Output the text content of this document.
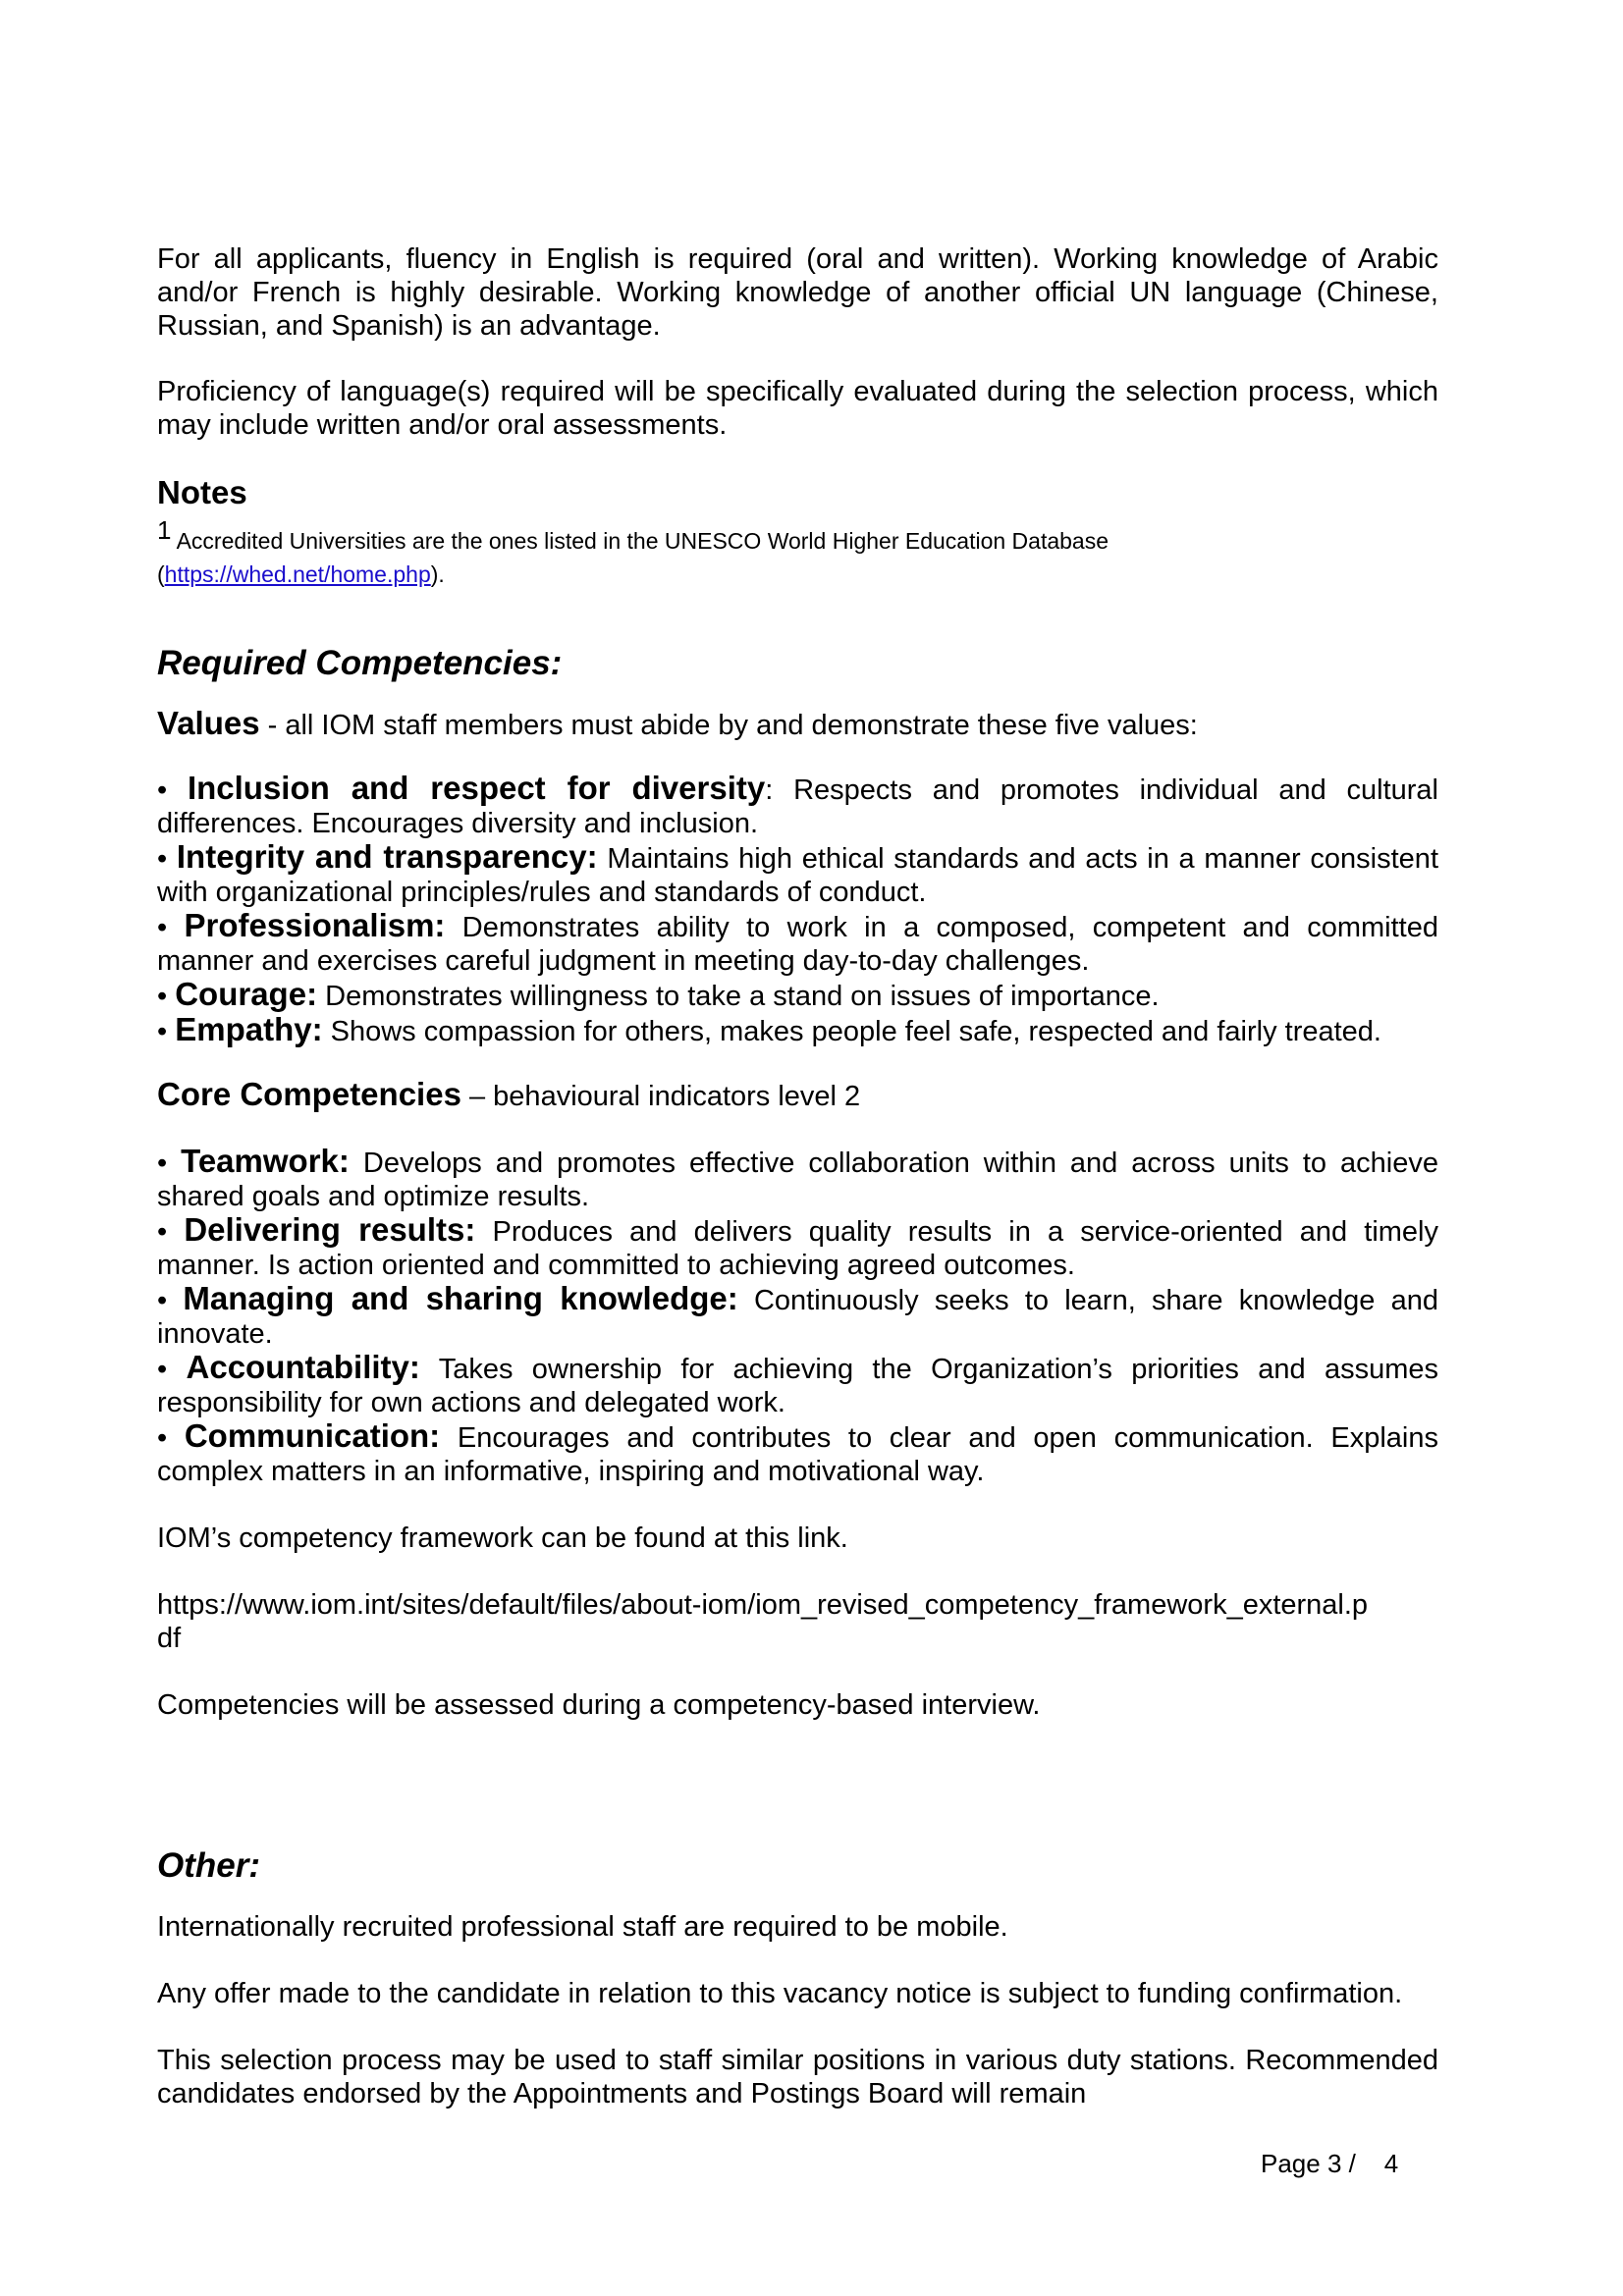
For all applicants, fluency in English is required (oral and written). Working knowledge of Arabic and/or French is highly desirable. Working knowledge of another official UN language (Chinese, Russian, and Spanish) is an advantage.

Proficiency of language(s) required will be specifically evaluated during the selection process, which may include written and/or oral assessments.

Notes
$^1$ Accredited Universities are the ones listed in the UNESCO World Higher Education Database
(https://whed.net/home.php).
Required Competencies:

Values - all IOM staff members must abide by and demonstrate these five values:

• Inclusion and respect for diversity: Respects and promotes individual and cultural differences. Encourages diversity and inclusion.

• Integrity and transparency: Maintains high ethical standards and acts in a manner consistent with organizational principles/rules and standards of conduct.

• Professionalism: Demonstrates ability to work in a composed, competent and committed manner and exercises careful judgment in meeting day-to-day challenges.

• Courage: Demonstrates willingness to take a stand on issues of importance.

• Empathy: Shows compassion for others, makes people feel safe, respected and fairly treated.

Core Competencies – behavioural indicators level 2

• Teamwork: Develops and promotes effective collaboration within and across units to achieve shared goals and optimize results.

• Delivering results: Produces and delivers quality results in a service-oriented and timely manner. Is action oriented and committed to achieving agreed outcomes.

• Managing and sharing knowledge: Continuously seeks to learn, share knowledge and innovate.

• Accountability: Takes ownership for achieving the Organization’s priorities and assumes responsibility for own actions and delegated work.

• Communication: Encourages and contributes to clear and open communication. Explains complex matters in an informative, inspiring and motivational way.

IOM’s competency framework can be found at this link.

https://www.iom.int/sites/default/files/about-iom/iom_revised_competency_framework_external.p
df

Competencies will be assessed during a competency-based interview.

Other:

Internationally recruited professional staff are required to be mobile.

Any offer made to the candidate in relation to this vacancy notice is subject to funding confirmation.

This selection process may be used to staff similar positions in various duty stations. Recommended candidates endorsed by the Appointments and Postings Board will remain

Page 3 /    4
